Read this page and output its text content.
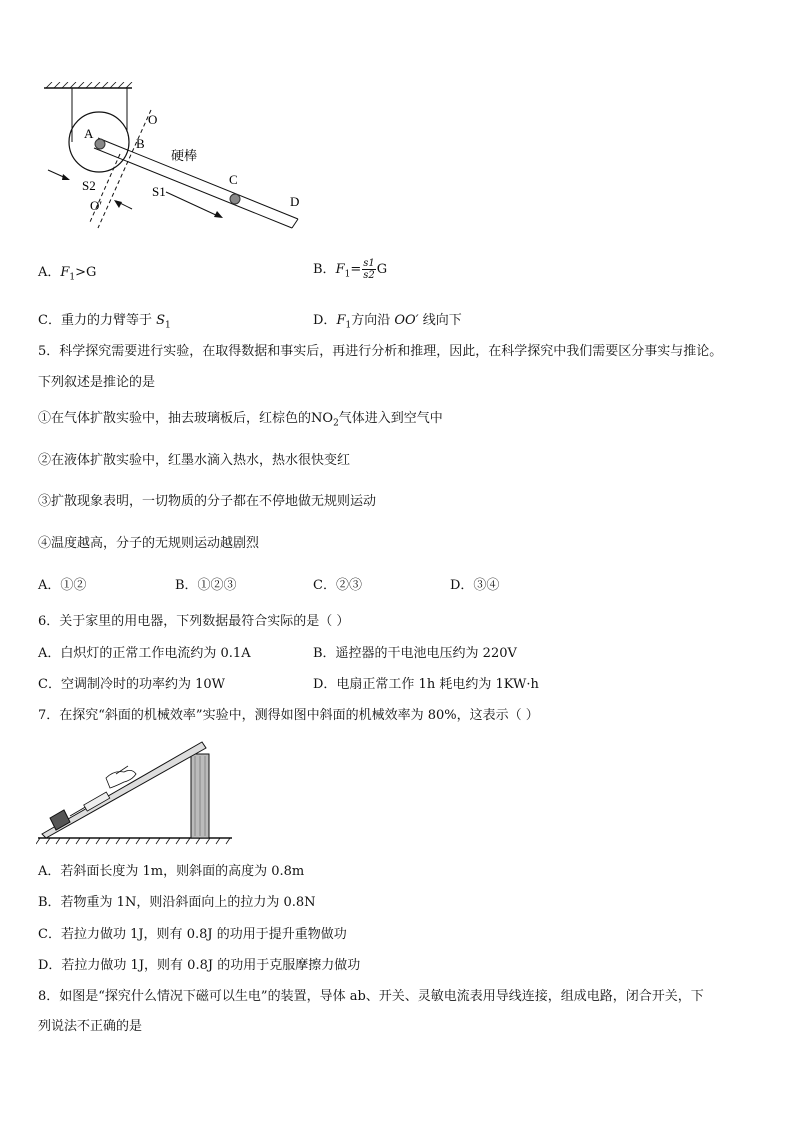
A
O
B
硬棒
S2	C
S1
D
O′
A．$F_1>G$	B．$F_1= \frac{s1}{s2}$ G
C．重力的力臂等于 $S_1$	D．$F_1$方向沿 OO′ 线向下
5．科学探究需要进行实验，在取得数据和事实后，再进行分析和推理，因此，在科学探究中我们需要区分事实与推论。
下列叙述是推论的是
①在气体扩散实验中，抽去玻璃板后，红棕色的$NO_2$气体进入到空气中
②在液体扩散实验中，红墨水滴入热水，热水很快变红
③扩散现象表明，一切物质的分子都在不停地做无规则运动
④温度越高，分子的无规则运动越剧烈
A．①②	B．①②③	C．②③	D．③④
6．关于家里的用电器，下列数据最符合实际的是（ ）
A．白炽灯的正常工作电流约为 0.1A	B．遥控器的干电池电压约为 220V
C．空调制冷时的功率约为 10W	D．电扇正常工作 1h 耗电约为 1KW·h
7．在探究“斜面的机械效率”实验中，测得如图中斜面的机械效率为 80%，这表示（ ）
A．若斜面长度为 1m，则斜面的高度为 0.8m
B．若物重为 1N，则沿斜面向上的拉力为 0.8N
C．若拉力做功 1J，则有 0.8J 的功用于提升重物做功
D．若拉力做功 1J，则有 0.8J 的功用于克服摩擦力做功
8．如图是“探究什么情况下磁可以生电”的装置，导体 ab、开关、灵敏电流表用导线连接，组成电路，闭合开关，下
列说法不正确的是
